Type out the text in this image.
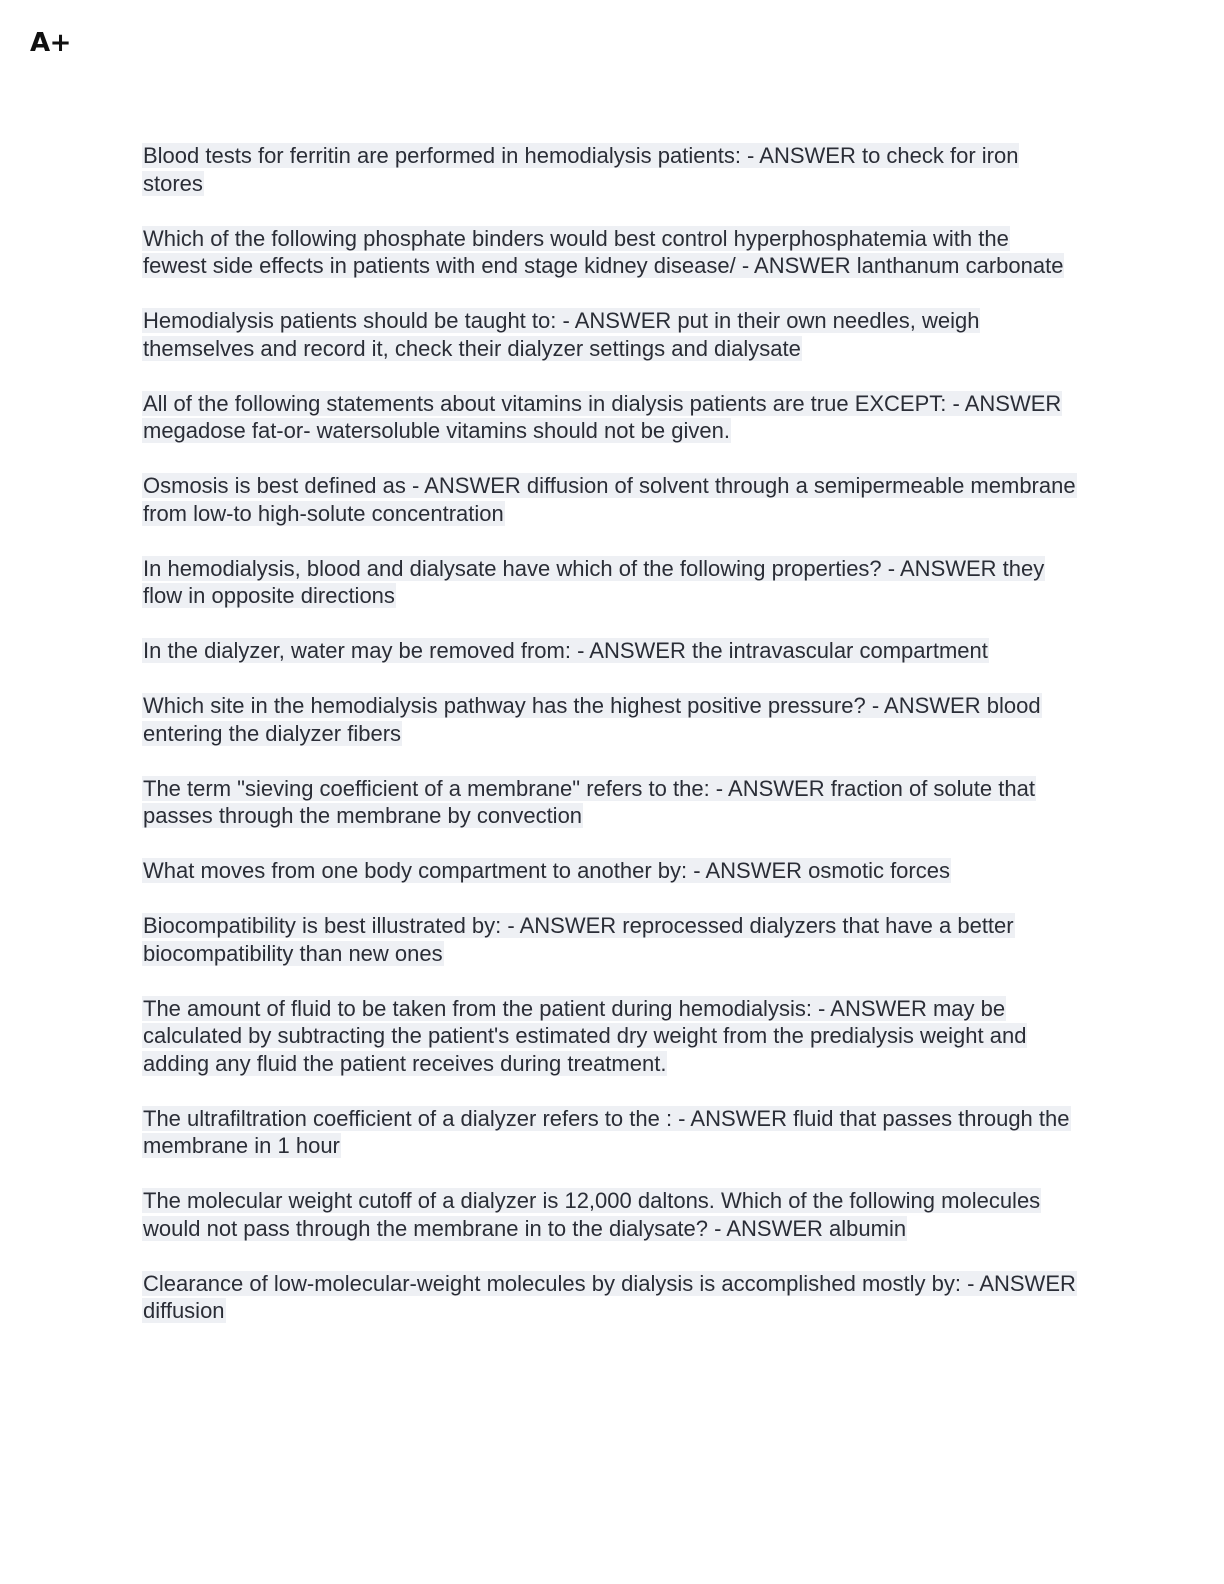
A+
Blood tests for ferritin are performed in hemodialysis patients: - ANSWER to check for iron stores
Which of the following phosphate binders would best control hyperphosphatemia with the fewest side effects in patients with end stage kidney disease/ - ANSWER lanthanum carbonate
Hemodialysis patients should be taught to: - ANSWER put in their own needles, weigh themselves and record it, check their dialyzer settings and dialysate
All of the following statements about vitamins in dialysis patients are true EXCEPT: - ANSWER megadose fat-or- watersoluble vitamins should not be given.
Osmosis is best defined as - ANSWER diffusion of solvent through a semipermeable membrane from low-to high-solute concentration
In hemodialysis, blood and dialysate have which of the following properties? - ANSWER they flow in opposite directions
In the dialyzer, water may be removed from: - ANSWER the intravascular compartment
Which site in the hemodialysis pathway has the highest positive pressure? - ANSWER blood entering the dialyzer fibers
The term "sieving coefficient of a membrane" refers to the: - ANSWER fraction of solute that passes through the membrane by convection
What moves from one body compartment to another by: - ANSWER osmotic forces
Biocompatibility is best illustrated by: - ANSWER reprocessed dialyzers that have a better biocompatibility than new ones
The amount of fluid to be taken from the patient during hemodialysis: - ANSWER may be calculated by subtracting the patient's estimated dry weight from the predialysis weight and adding any fluid the patient receives during treatment.
The ultrafiltration coefficient of a dialyzer refers to the : - ANSWER fluid that passes through the membrane in 1 hour
The molecular weight cutoff of a dialyzer is 12,000 daltons. Which of the following molecules would not pass through the membrane in to the dialysate? - ANSWER albumin
Clearance of low-molecular-weight molecules by dialysis is accomplished mostly by: - ANSWER diffusion
